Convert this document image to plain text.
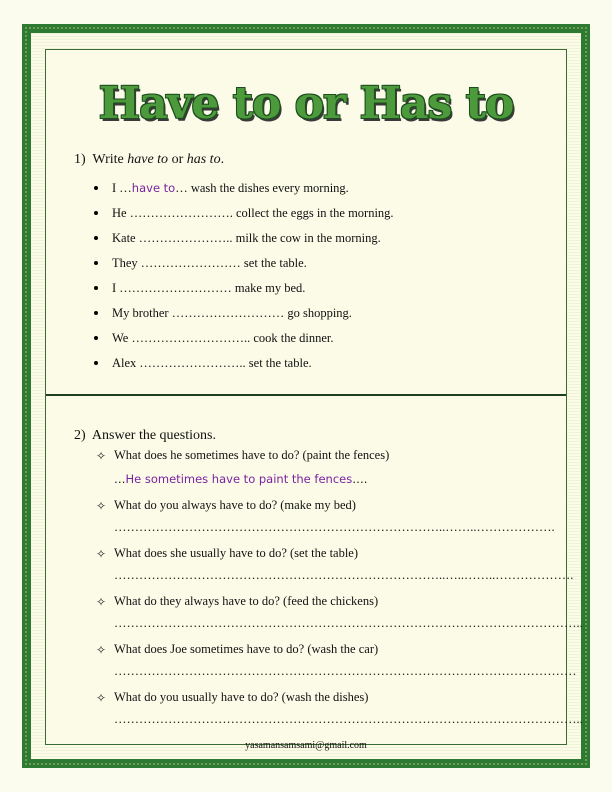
Have to or Has to
1) Write have to or has to.
I …have to… wash the dishes every morning.
He ……………………. collect the eggs in the morning.
Kate ………………….. milk the cow in the morning.
They …………………… set the table.
I ……………………… make my bed.
My brother ……………………… go shopping.
We ……………………….. cook the dinner.
Alex …………………….. set the table.
2) Answer the questions.
✧ What does he sometimes have to do? (paint the fences)
…He sometimes have to paint the fences….
✧ What do you always have to do? (make my bed)
……………………………………………………………………..……..……………….
✧ What does she usually have to do? (set the table)
……………………………………………………………………..…..……..……………….
✧ What do they always have to do? (feed the chickens)
…………………………………………………………………………………………………..
✧ What does Joe sometimes have to do? (wash the car)
…………………………………………………………………………………………………
✧ What do you usually have to do? (wash the dishes)
…………………………………………………………………………………………………..
yasamansamsami@gmail.com
